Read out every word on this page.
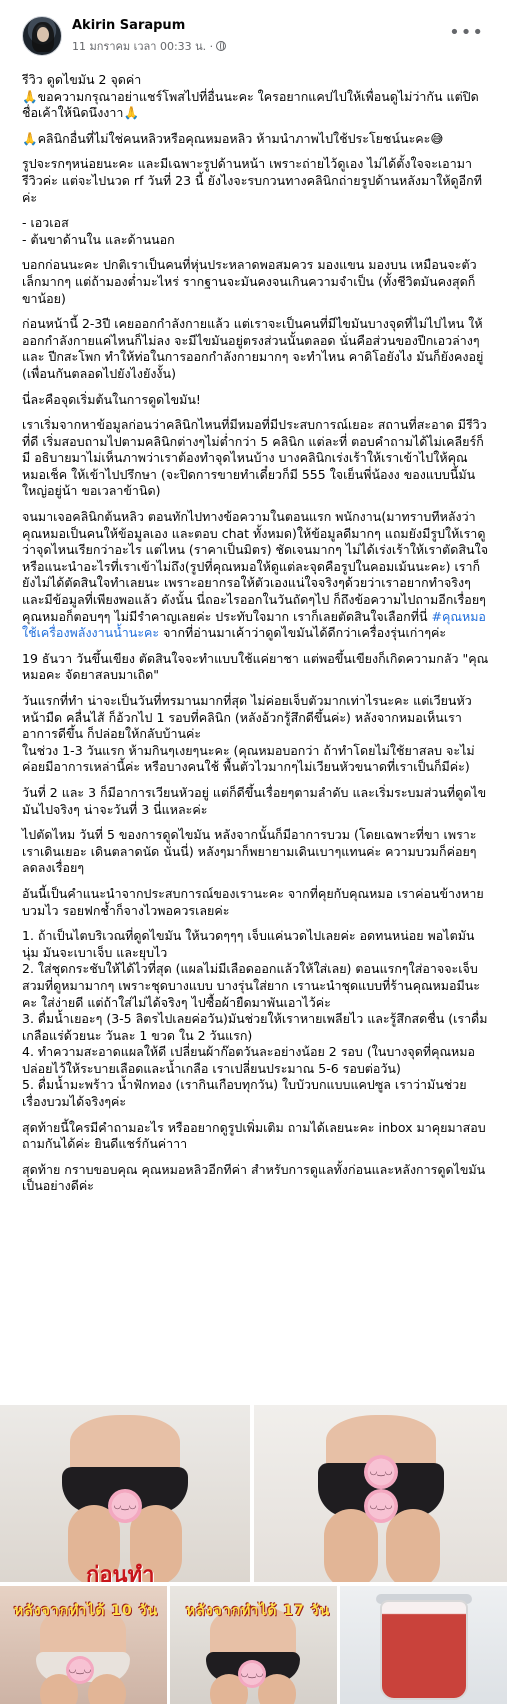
Akirin Sarapum
11 มกราคม เวลา 00:33 น. ·
•••

รีวิว ดูดไขมัน 2 จุดค่า
🙏ขอความกรุณาอย่าแชร์โพสไปที่อื่นนะคะ ใครอยากแคปไปให้เพื่อนดูไม่ว่ากัน แต่ปิดชื่อเค้าให้นิดนึงงาา🙏

🙏คลินิกอื่นที่ไม่ใช่คนหลิวหรือคุณหมอหลิว ห้ามนำภาพไปใช้ประโยชน์นะคะ😅

รูปจะรกๆหน่อยนะคะ และมีเฉพาะรูปด้านหน้า เพราะถ่ายไว้ดูเอง ไม่ได้ตั้งใจจะเอามารีวิวค่ะ แต่จะไปนวด rf วันที่ 23 นี้ ยังไงจะรบกวนทางคลินิกถ่ายรูปด้านหลังมาให้ดูอีกทีค่ะ

- เอวเอส
- ต้นขาด้านใน และด้านนอก

บอกก่อนนะคะ ปกติเราเป็นคนที่หุ่นประหลาดพอสมควร มองแขน มองบน เหมือนจะตัวเล็กมากๆ แต่ถ้ามองต่ำมะไหร่ รากฐานจะมันคงจนเกินความจำเป็น (ทั้งชีวิตมันคงสุดก็ขาน้อย)

ก่อนหน้านี้ 2-3ปี เคยออกกำลังกายแล้ว แต่เราจะเป็นคนที่มีไขมันบางจุดที่ไม่ไปไหน ให้ออกกำลังกายแค่ไหนก็ไม่ลง จะมีไขมันอยู่ตรงส่วนนั้นตลอด นั่นคือส่วนของปีกเอวล่างๆ และ ปีกสะโพก ทำให้ท่อในการออกกำลังกายมากๆ จะทำไหน คาดิโอยังไง มันก็ยังคงอยู่ (เพื่อนกันตลอดไปยังไงยังงั้น)

นี่ละคือจุดเริ่มต้นในการดูดไขมัน!

เราเริ่มจากหาข้อมูลก่อนว่าคลินิกไหนที่มีหมอที่มีประสบการณ์เยอะ สถานที่สะอาด มีรีวิวที่ดี เริ่มสอบถามไปตามคลินิกต่างๆไม่ต่ำกว่า 5 คลินิก แต่ละที่ ตอบคำถามได้ไม่เคลียร์ก็มี อธิบายมาไม่เห็นภาพว่าเราต้องทำจุดไหนบ้าง บางคลินิกเร่งเร้าให้เราเข้าไปให้คุณหมอเช็ค ให้เข้าไปปรึกษา (จะปิดการขายทำเดี๋ยวก็มี 555 ใจเย็นพี่น้องง ของแบบนี้มันใหญ่อยู่น้า ขอเวลาข้านิด)

จนมาเจอคลินิกต้นหลิว ตอนทักไปทางข้อความในตอนแรก พนักงาน(มาทราบทีหลังว่าคุณหมอเป็นคนให้ข้อมูลเอง และตอบ chat ทั้งหมด)ให้ข้อมูลดีมากๆ แถมยังมีรูปให้เราดู ว่าจุดไหนเรียกว่าอะไร แต่ไหน (ราคาเป็นมิตร) ชัดเจนมากๆ ไม่ได้เร่งเร้าให้เราตัดสินใจ หรือแนะนำอะไรที่เราเข้าไม่ถึง(รูปที่คุณหมอให้ดูแต่ละจุดคือรูปในคอมเม้นนะคะ) เราก็ยังไม่ได้ตัดสินใจทำเลยนะ เพราะอยากรอให้ตัวเองแน่ใจจริงๆด้วยว่าเราอยากทำจริงๆ และมีข้อมูลที่เพียงพอแล้ว ดังนั้น นี่ถอะไรออกในวันถัดๆไป ก็ถึงข้อความไปถามอีกเรื่อยๆ คุณหมอก็ตอบๆๆ ไม่มีรำคาญเลยค่ะ ประทับใจมาก เราก็เลยตัดสินใจเลือกที่นี่ #คุณหมอใช้เครื่องพลังงานน้ำนะคะ จากที่อ่านมาเค้าว่าดูดไขมันได้ดีกว่าเครื่องรุ่นเก่าๆค่ะ

19 ธันวา วันขึ้นเขียง ตัดสินใจจะทำแบบใช้แค่ยาชา แต่พอขึ้นเขียงก็เกิดความกลัว "คุณหมอคะ จัดยาสลบมาเถิด"

วันแรกที่ทำ น่าจะเป็นวันที่ทรมานมากที่สุด ไม่ค่อยเจ็บตัวมากเท่าไรนะคะ แต่เวียนหัว หน้ามืด คลื่นไส้ ก็อ้วกไป 1 รอบที่คลินิก (หลังอ้วกรู้สึกดีขึ้นค่ะ) หลังจากหมอเห็นเราอาการดีขึ้น ก็ปล่อยให้กลับบ้านค่ะ
ในช่วง 1-3 วันแรก ห้ามกินๆเงยๆนะคะ (คุณหมอบอกว่า ถ้าทำโดยไม่ใช้ยาสลบ จะไม่ค่อยมีอาการเหล่านี้ค่ะ หรือบางคนใช้ พื้นตัวไวมากๆไม่เวียนหัวขนาดที่เราเป็นก็มีค่ะ)

วันที่ 2 และ 3 ก็มีอาการเวียนหัวอยู่ แต่ก็ดีขึ้นเรื่อยๆตามลำดับ และเริ่มระบมส่วนที่ดูดไขมันไปจริงๆ น่าจะวันที่ 3 นี่แหละค่ะ

ไปตัดไหม วันที่ 5 ของการดูดไขมัน หลังจากนั้นก็มีอาการบวม (โดยเฉพาะที่ขา เพราะเราเดินเยอะ เดินตลาดนัด นั่นนี่) หลังๆมาก็พยายามเดินเบาๆแทนค่ะ ความบวมก็ค่อยๆลดลงเรื่อยๆ

อันนี้เป็นคำแนะนำจากประสบการณ์ของเรานะคะ จากที่คุยกับคุณหมอ เราค่อนข้างหายบวมไว รอยฟกช้ำก็จางไวพอควรเลยค่ะ

1. ถ้าเป็นไตบริเวณที่ดูดไขมัน ให้นวดๆๆๆ เจ็บแค่นวดไปเลยค่ะ อดทนหน่อย พอไตมันนุ่ม มันจะเบาเจ็บ และยุบไว
2. ใส่ชุดกระชับให้ได้ไวที่สุด (แผลไม่มีเลือดออกแล้วให้ใส่เลย) ตอนแรกๆใส่อาจจะเจ็บสวมที่ดูหมามากๆ เพราะชุดบางแบบ บางรุ่นใส่ยาก เรานะนำชุดแบบที่ร้านคุณหมอมีนะคะ ใส่ง่ายดี แต่ถ้าใส่ไม่ได้จริงๆ ไปซื้อผ้ายืดมาพันเอาไว้ค่ะ
3. ดื่มน้ำเยอะๆ (3-5 ลิตรไปเลยค่อวัน)มันช่วยให้เราหายเพลียไว และรู้สึกสดชื่น (เราดื่มเกลือแร่ด้วยนะ วันละ 1 ขวด ใน 2 วันแรก)
4. ทำความสะอาดแผลให้ดี เปลี่ยนผ้าก๊อตวันละอย่างน้อย 2 รอบ (ในบางจุดที่คุณหมอปล่อยไว้ให้ระบายเลือดและน้ำเกลือ เราเปลี่ยนประมาณ 5-6 รอบต่อวัน)
5. ดื่มน้ำมะพร้าว น้ำฟักทอง (เรากินเกือบทุกวัน) ใบบัวบกแบบแคปซูล เราว่ามันช่วยเรื่องบวมได้จริงๆค่ะ

สุดท้ายนี้ใครมีคำถามอะไร หรืออยากดูรูปเพิ่มเติม ถามได้เลยนะคะ inbox มาคุยมาสอบถามกันได้ค่ะ ยินดีแชร์กันค่าาา

สุดท้าย กราบขอบคุณ คุณหมอหลิวอีกทีค่า สำหรับการดูแลทั้งก่อนและหลังการดูดไขมันเป็นอย่างดีค่ะ

◡‿◡
ก่อนทำ
◡‿◡
◡‿◡
◡‿◡
หลังจากทำได้ 10 วัน
◡‿◡
หลังจากทำได้ 17 วัน
